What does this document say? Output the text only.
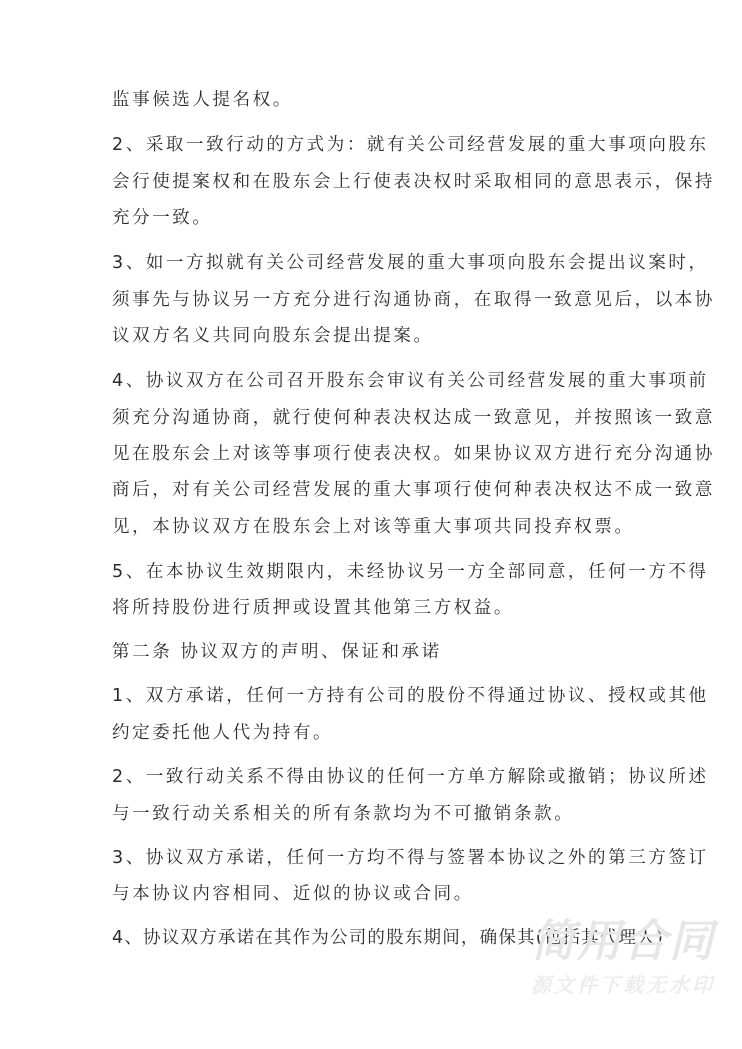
监事候选人提名权。
2、采取一致行动的方式为：就有关公司经营发展的重大事项向股东
会行使提案权和在股东会上行使表决权时采取相同的意思表示，保持
充分一致。
3、如一方拟就有关公司经营发展的重大事项向股东会提出议案时，
须事先与协议另一方充分进行沟通协商，在取得一致意见后，以本协
议双方名义共同向股东会提出提案。
4、协议双方在公司召开股东会审议有关公司经营发展的重大事项前
须充分沟通协商，就行使何种表决权达成一致意见，并按照该一致意
见在股东会上对该等事项行使表决权。如果协议双方进行充分沟通协
商后，对有关公司经营发展的重大事项行使何种表决权达不成一致意
见，本协议双方在股东会上对该等重大事项共同投弃权票。
5、在本协议生效期限内，未经协议另一方全部同意，任何一方不得
将所持股份进行质押或设置其他第三方权益。
第二条 协议双方的声明、保证和承诺
1、双方承诺，任何一方持有公司的股份不得通过协议、授权或其他
约定委托他人代为持有。
2、一致行动关系不得由协议的任何一方单方解除或撤销；协议所述
与一致行动关系相关的所有条款均为不可撤销条款。
3、协议双方承诺，任何一方均不得与签署本协议之外的第三方签订
与本协议内容相同、近似的协议或合同。
4、协议双方承诺在其作为公司的股东期间，确保其(包括其代理人)
简用合同
源文件下载无水印
